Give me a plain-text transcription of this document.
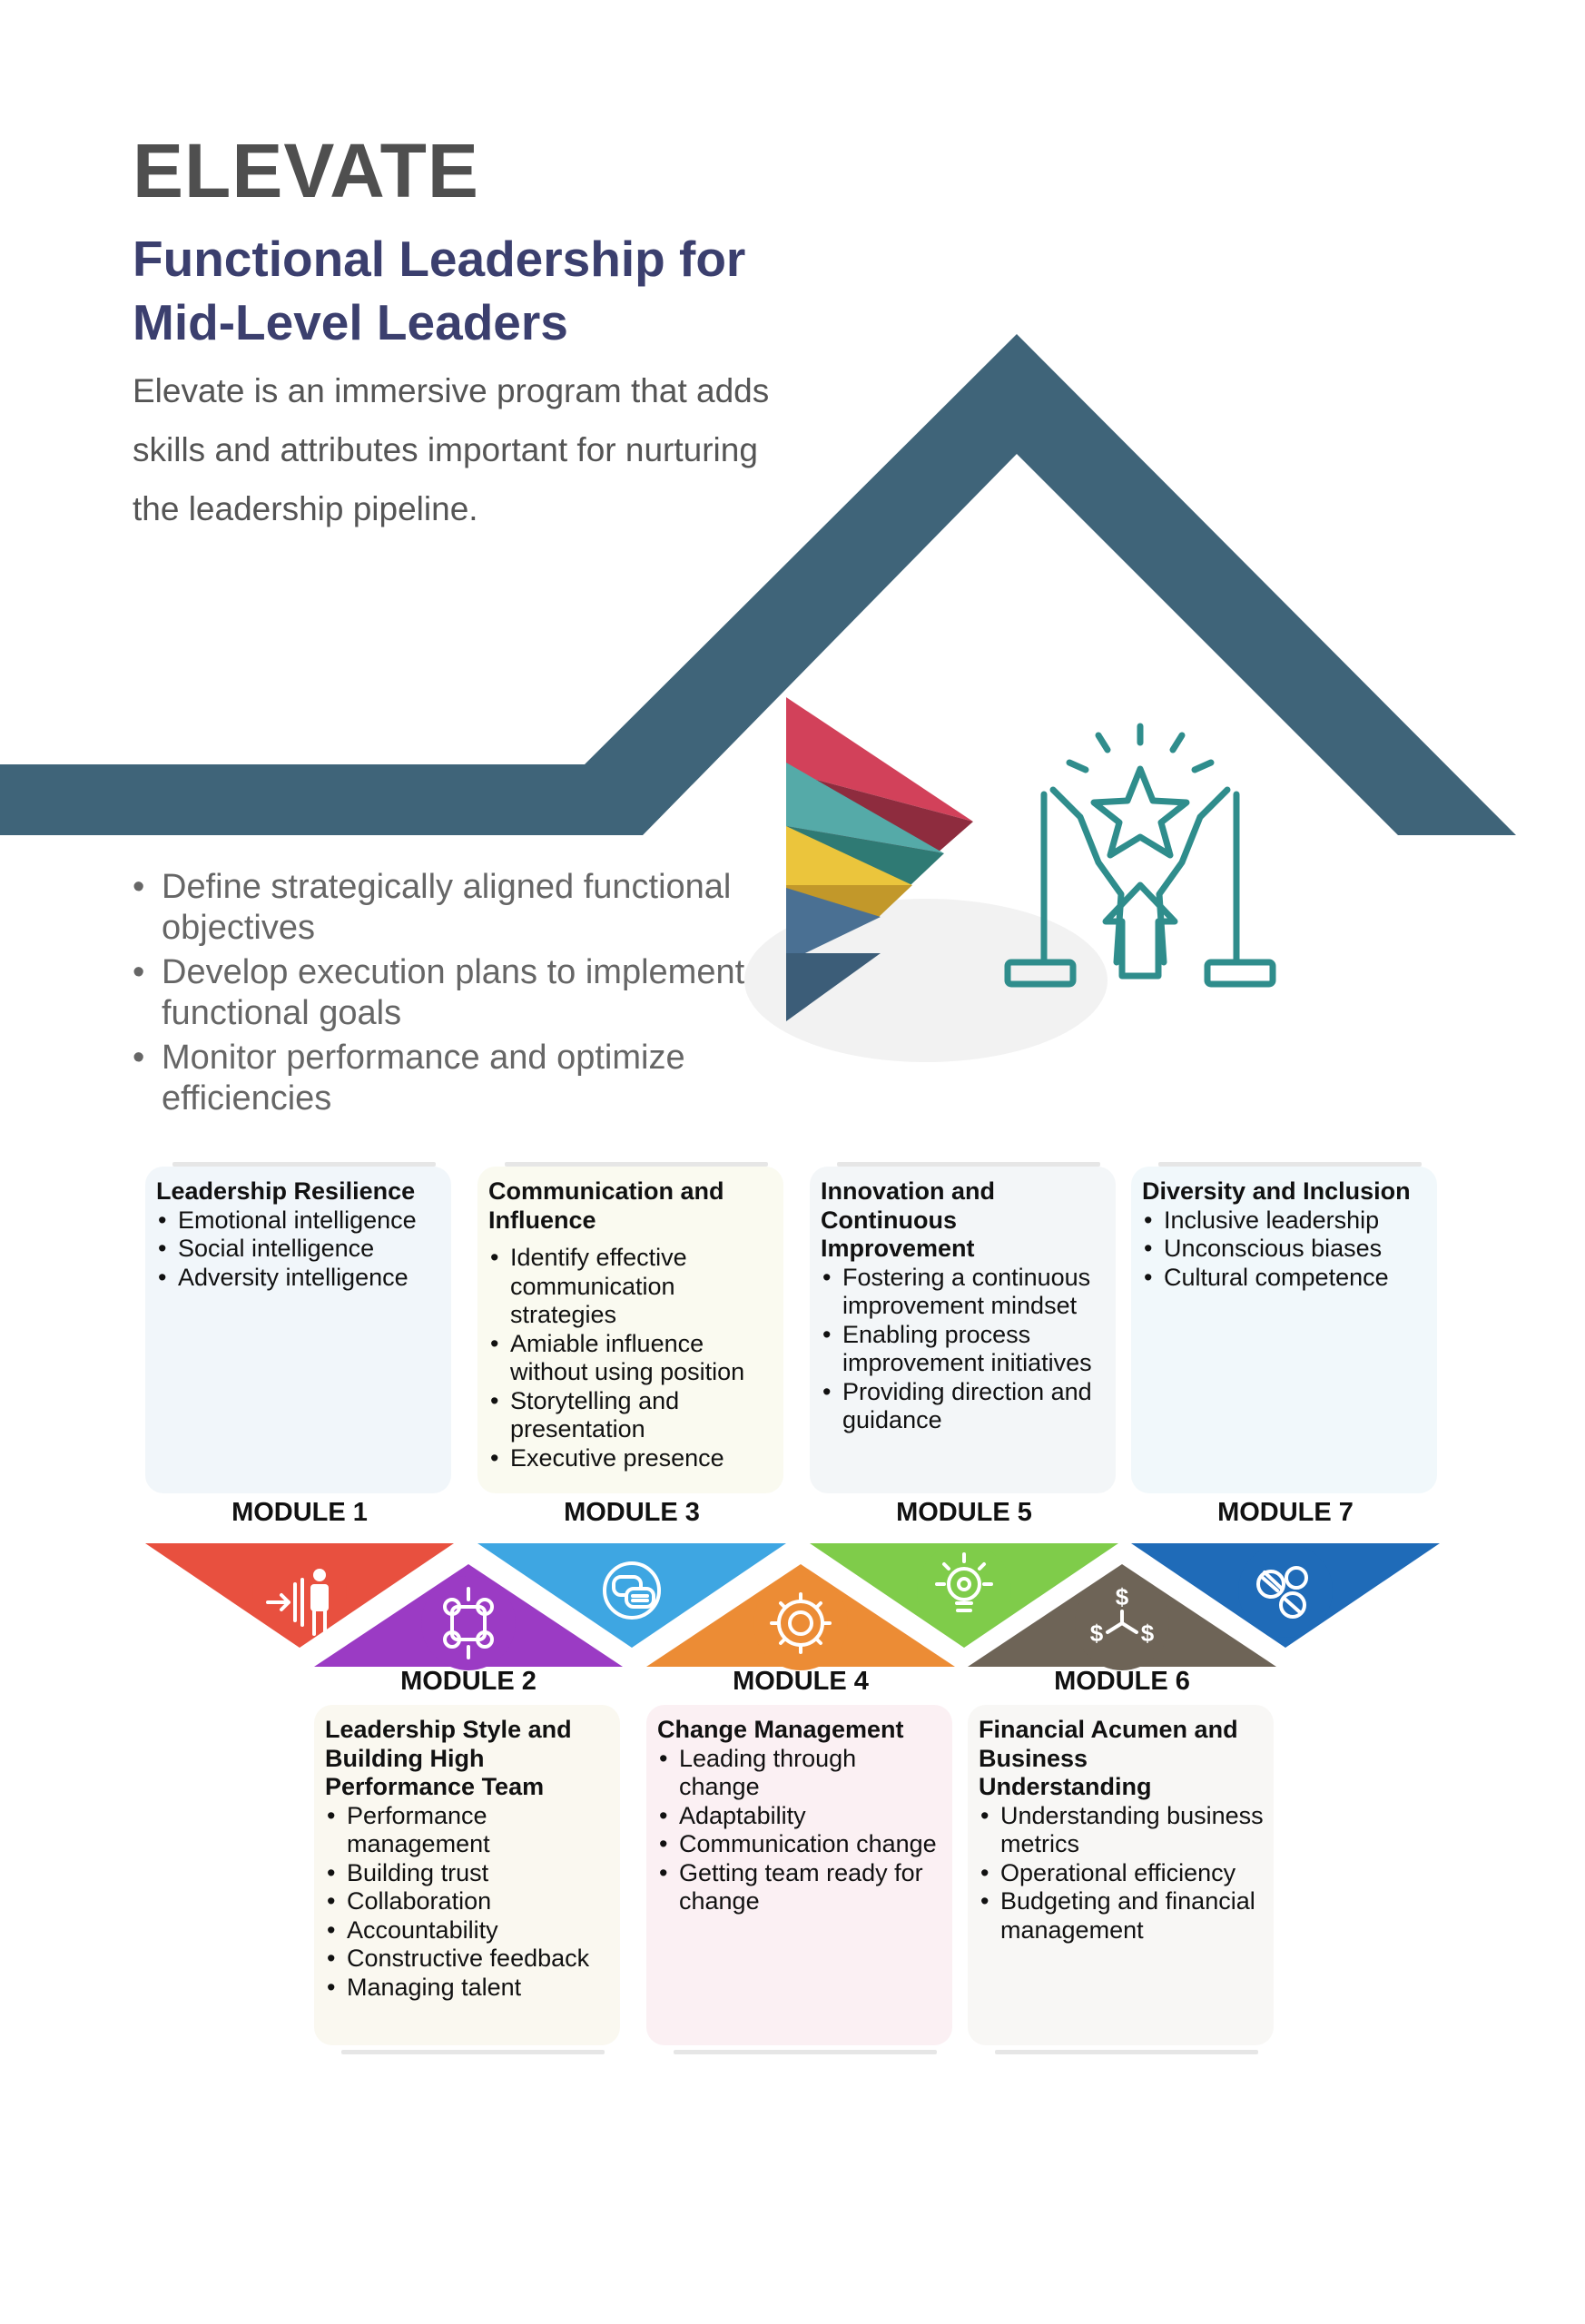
$
$ $
ELEVATE
Functional Leadership for Mid-Level Leaders
Elevate is an immersive program that adds skills and attributes important for nurturing the leadership pipeline.
• Define strategically aligned functional objectives
• Develop execution plans to implement functional goals
• Monitor performance and optimize efficiencies
Leadership Resilience
• Emotional intelligence
• Social intelligence
• Adversity intelligence
Communication and Influence
• Identify effective communication strategies
• Amiable influence without using position
• Storytelling and presentation
• Executive presence
Innovation and Continuous Improvement
• Fostering a continuous improvement mindset
• Enabling process improvement initiatives
• Providing direction and guidance
Diversity and Inclusion
• Inclusive leadership
• Unconscious biases
• Cultural competence
MODULE 1	MODULE 3	MODULE 5	MODULE 7
MODULE 2	MODULE 4	MODULE 6
Leadership Style and Building High Performance Team
• Performance management
• Building trust
• Collaboration
• Accountability
• Constructive feedback
• Managing talent
Change Management
• Leading through change
• Adaptability
• Communication change
• Getting team ready for change
Financial Acumen and Business Understanding
• Understanding business metrics
• Operational efficiency
• Budgeting and financial management
